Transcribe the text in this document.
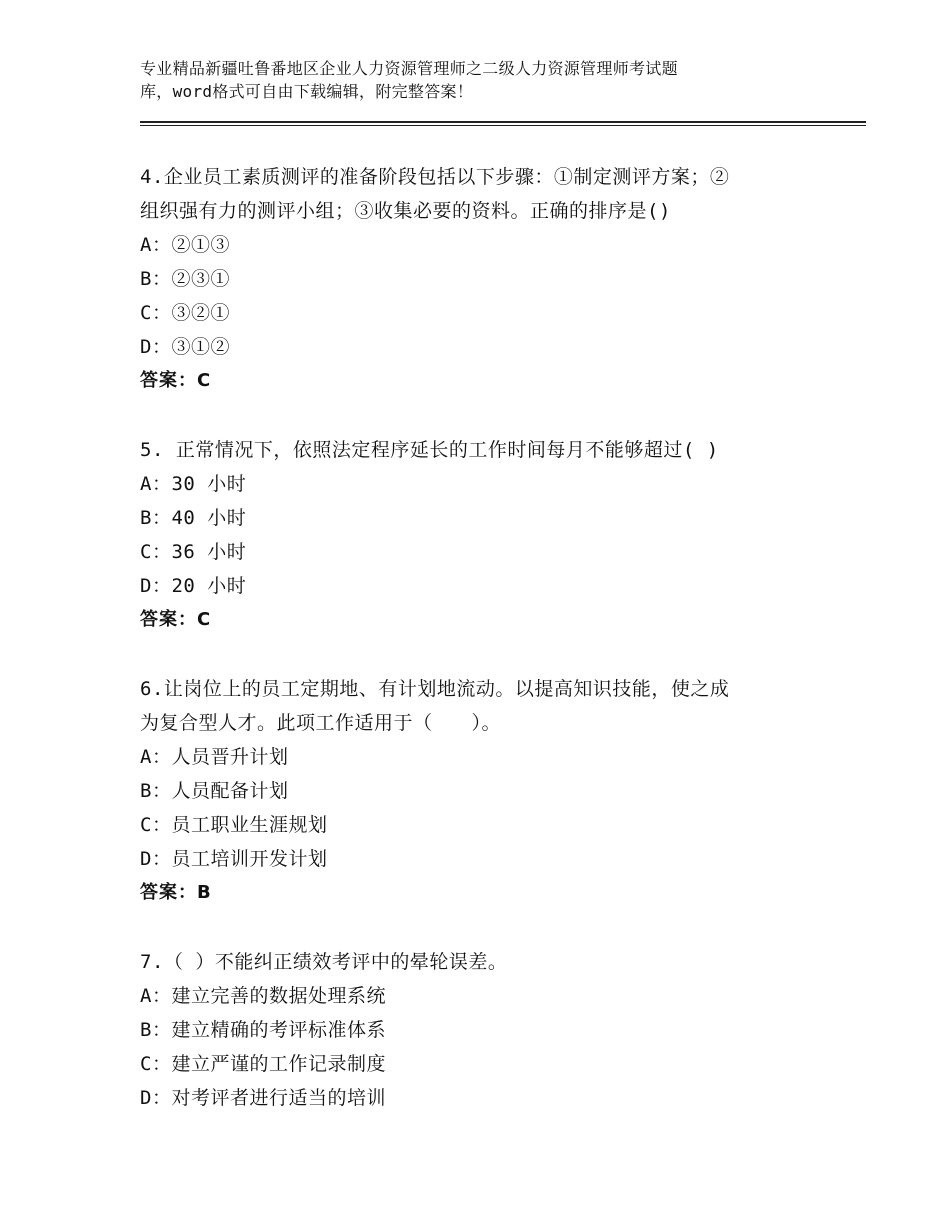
专业精品新疆吐鲁番地区企业人力资源管理师之二级人力资源管理师考试题
库，word格式可自由下载编辑，附完整答案！
4.企业员工素质测评的准备阶段包括以下步骤：①制定测评方案；②
组织强有力的测评小组；③收集必要的资料。正确的排序是()
A：②①③
B：②③①
C：③②①
D：③①②
答案：C
5. 正常情况下，依照法定程序延长的工作时间每月不能够超过( )
A：30 小时
B：40 小时
C：36 小时
D：20 小时
答案：C
6.让岗位上的员工定期地、有计划地流动。以提高知识技能，使之成
为复合型人才。此项工作适用于（　　）。
A：人员晋升计划
B：人员配备计划
C：员工职业生涯规划
D：员工培训开发计划
答案：B
7.（ ）不能纠正绩效考评中的晕轮误差。
A：建立完善的数据处理系统
B：建立精确的考评标准体系
C：建立严谨的工作记录制度
D：对考评者进行适当的培训
